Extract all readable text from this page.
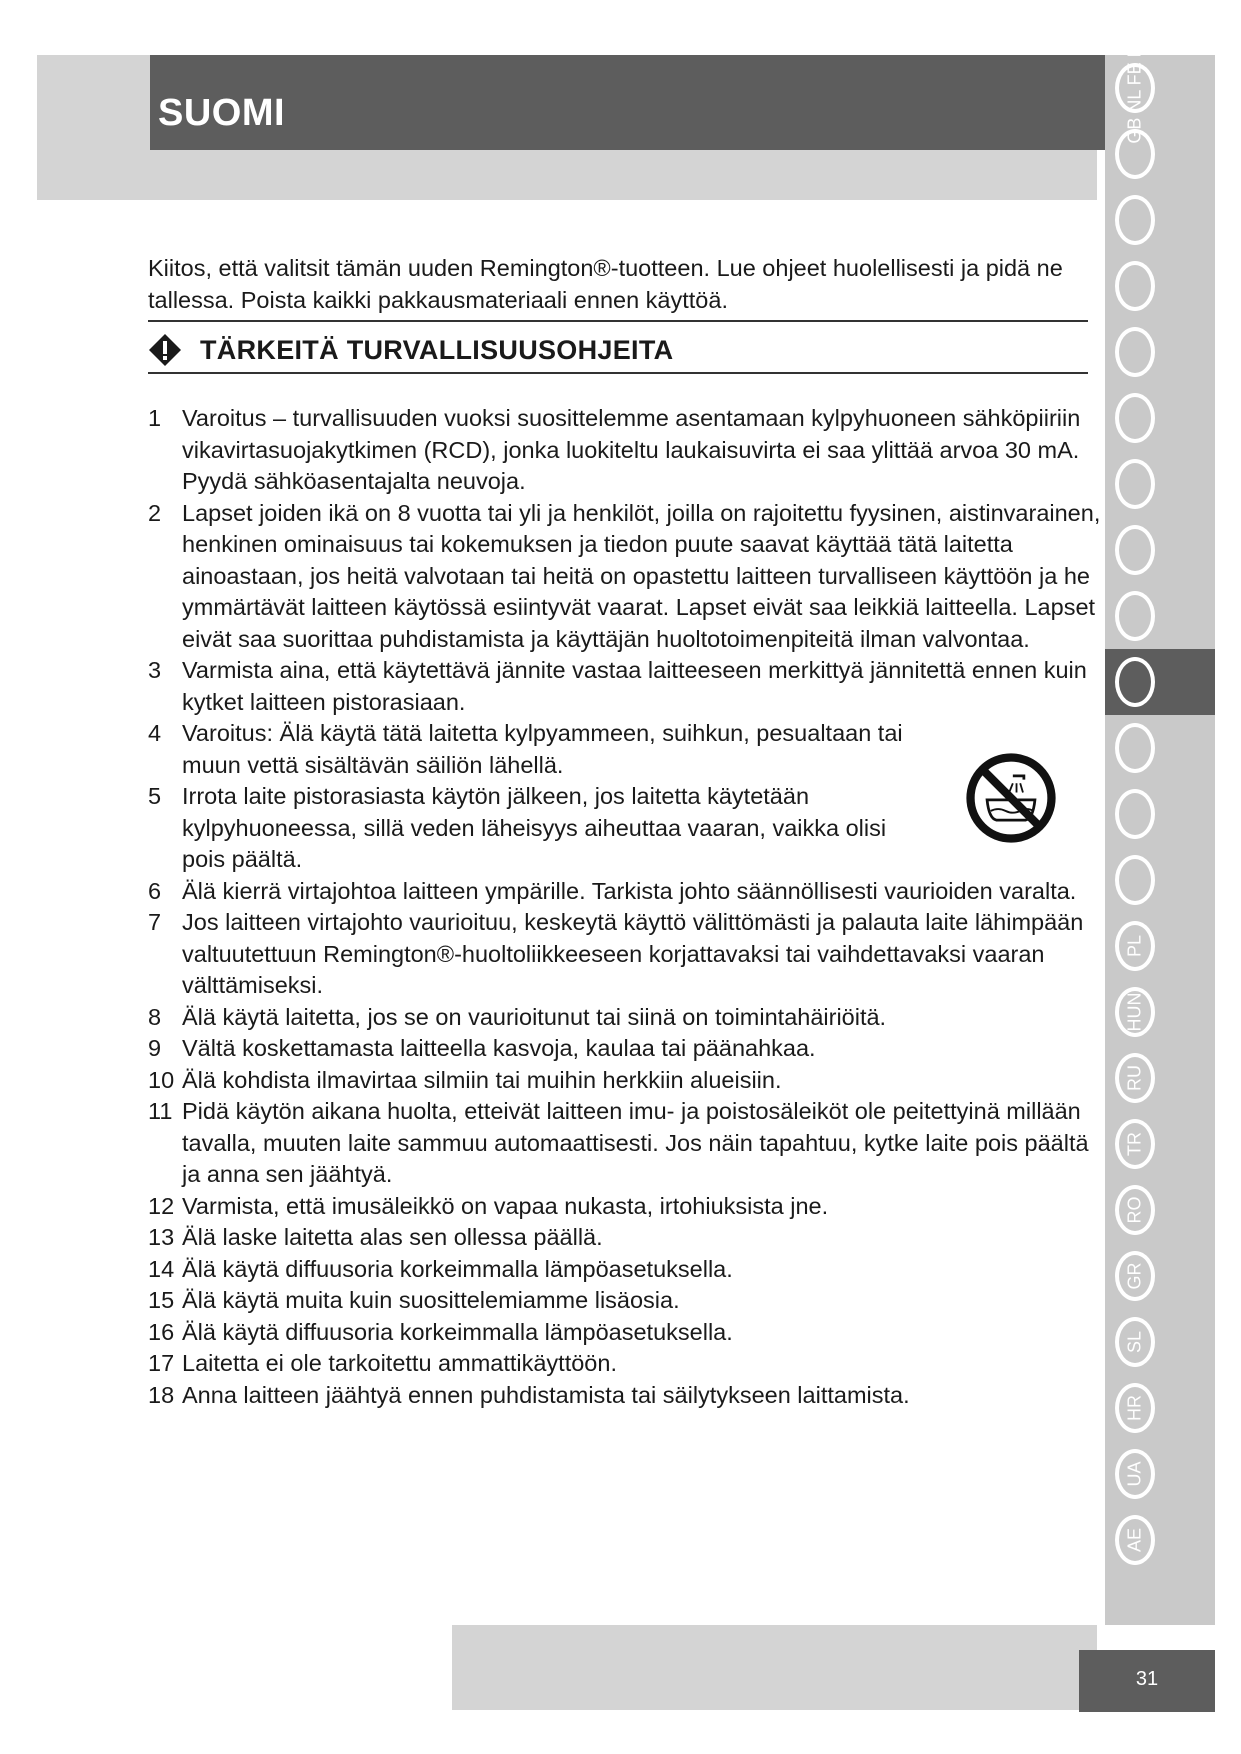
SUOMI	GB NL FE DE
PL
HUN
RU
TR
RO
GR
SL
HR
UA
AE

Kiitos, että valitsit tämän uuden Remington®-tuotteen. Lue ohjeet huolellisesti ja pidä ne tallessa. Poista kaikki pakkausmateriaali ennen käyttöä.

TÄRKEITÄ TURVALLISUUSOHJEITA

1 Varoitus – turvallisuuden vuoksi suosittelemme asentamaan kylpyhuoneen sähköpiiriin vikavirtasuojakytkimen (RCD), jonka luokiteltu laukaisuvirta ei saa ylittää arvoa 30 mA. Pyydä sähköasentajalta neuvoja.

2 Lapset joiden ikä on 8 vuotta tai yli ja henkilöt, joilla on rajoitettu fyysinen, aistinvarainen, henkinen ominaisuus tai kokemuksen ja tiedon puute saavat käyttää tätä laitetta ainoastaan, jos heitä valvotaan tai heitä on opastettu laitteen turvalliseen käyttöön ja he ymmärtävät laitteen käytössä esiintyvät vaarat. Lapset eivät saa leikkiä laitteella. Lapset eivät saa suorittaa puhdistamista ja käyttäjän huoltotoimenpiteitä ilman valvontaa.

3 Varmista aina, että käytettävä jännite vastaa laitteeseen merkittyä jännitettä ennen kuin kytket laitteen pistorasiaan.

4 Varoitus: Älä käytä tätä laitetta kylpyammeen, suihkun, pesualtaan tai muun vettä sisältävän säiliön lähellä.

5 Irrota laite pistorasiasta käytön jälkeen, jos laitetta käytetään kylpyhuoneessa, sillä veden läheisyys aiheuttaa vaaran, vaikka olisi pois päältä.

6 Älä kierrä virtajohtoa laitteen ympärille. Tarkista johto säännöllisesti vaurioiden varalta.

7 Jos laitteen virtajohto vaurioituu, keskeytä käyttö välittömästi ja palauta laite lähimpään valtuutettuun Remington®-huoltoliikkeeseen korjattavaksi tai vaihdettavaksi vaaran välttämiseksi.

8 Älä käytä laitetta, jos se on vaurioitunut tai siinä on toimintahäiriöitä.

9 Vältä koskettamasta laitteella kasvoja, kaulaa tai päänahkaa.

10 Älä kohdista ilmavirtaa silmiin tai muihin herkkiin alueisiin.

11 Pidä käytön aikana huolta, etteivät laitteen imu- ja poistosäleiköt ole peitettyinä millään tavalla, muuten laite sammuu automaattisesti. Jos näin tapahtuu, kytke laite pois päältä ja anna sen jäähtyä.

12 Varmista, että imusäleikkö on vapaa nukasta, irtohiuksista jne.

13 Älä laske laitetta alas sen ollessa päällä.

14 Älä käytä diffuusoria korkeimmalla lämpöasetuksella.

15 Älä käytä muita kuin suosittelemiamme lisäosia.

16 Älä käytä diffuusoria korkeimmalla lämpöasetuksella.

17 Laitetta ei ole tarkoitettu ammattikäyttöön.

18 Anna laitteen jäähtyä ennen puhdistamista tai säilytykseen laittamista.

31
